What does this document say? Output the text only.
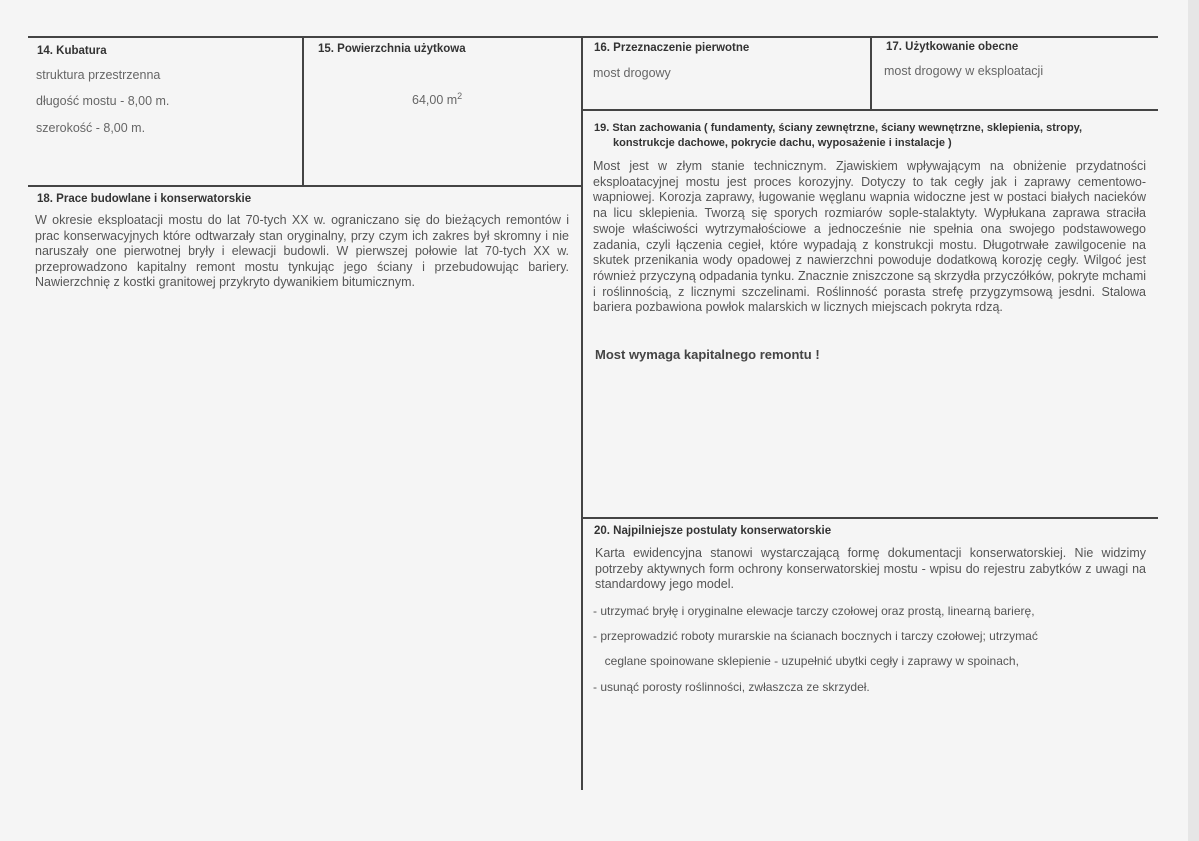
14. Kubatura
struktura przestrzenna
długość mostu - 8,00 m.
szerokość - 8,00 m.
15. Powierzchnia użytkowa
64,00 $m^2$
16. Przeznaczenie pierwotne
most drogowy
17. Użytkowanie obecne
most drogowy w eksploatacji
18. Prace budowlane i konserwatorskie

W okresie eksploatacji mostu do lat 70-tych XX w. ograniczano się do bieżących remontów i prac konserwacyjnych które odtwarzały stan oryginalny, przy czym ich zakres był skromny i nie naruszały one pierwotnej bryły i elewacji budowli. W pierwszej połowie lat 70-tych XX w. przeprowadzono kapitalny remont mostu tynkując jego ściany i przebudowując bariery. Nawierzchnię z kostki granitowej przykryto dywanikiem bitumicznym.

19. Stan zachowania ( fundamenty, ściany zewnętrzne, ściany wewnętrzne, sklepienia, stropy,
konstrukcje dachowe, pokrycie dachu, wyposażenie i instalacje )

Most jest w złym stanie technicznym. Zjawiskiem wpływającym na obniżenie przydatności eksploatacyjnej mostu jest proces korozyjny. Dotyczy to tak cegły jak i zaprawy cementowo-wapniowej. Korozja zaprawy, ługowanie węglanu wapnia widoczne jest w postaci białych nacieków na licu sklepienia. Tworzą się sporych rozmiarów sople-stalaktyty. Wypłukana zaprawa straciła swoje właściwości wytrzymałościowe a jednocześnie nie spełnia ona swojego podstawowego zadania, czyli łączenia cegieł, które wypadają z konstrukcji mostu. Długotrwałe zawilgocenie na skutek przenikania wody opadowej z nawierzchni powoduje dodatkową korozję cegły. Wilgoć jest również przyczyną odpadania tynku. Znacznie zniszczone są skrzydła przyczółków, pokryte mchami i roślinnością, z licznymi szczelinami. Roślinność porasta strefę przygzymsową jesdni. Stalowa bariera pozbawiona powłok malarskich w licznych miejscach pokryta rdzą.

Most wymaga kapitalnego remontu !
20. Najpilniejsze postulaty konserwatorskie

Karta ewidencyjna stanowi wystarczającą formę dokumentacji konserwatorskiej. Nie widzimy potrzeby aktywnych form ochrony konserwatorskiej mostu - wpisu do rejestru zabytków z uwagi na standardowy jego model.

- utrzymać bryłę i oryginalne elewacje tarczy czołowej oraz prostą, linearną barierę,
- przeprowadzić roboty murarskie na ścianach bocznych i tarczy czołowej; utrzymać
ceglane spoinowane sklepienie - uzupełnić ubytki cegły i zaprawy w spoinach,
- usunąć porosty roślinności, zwłaszcza ze skrzydeł.
